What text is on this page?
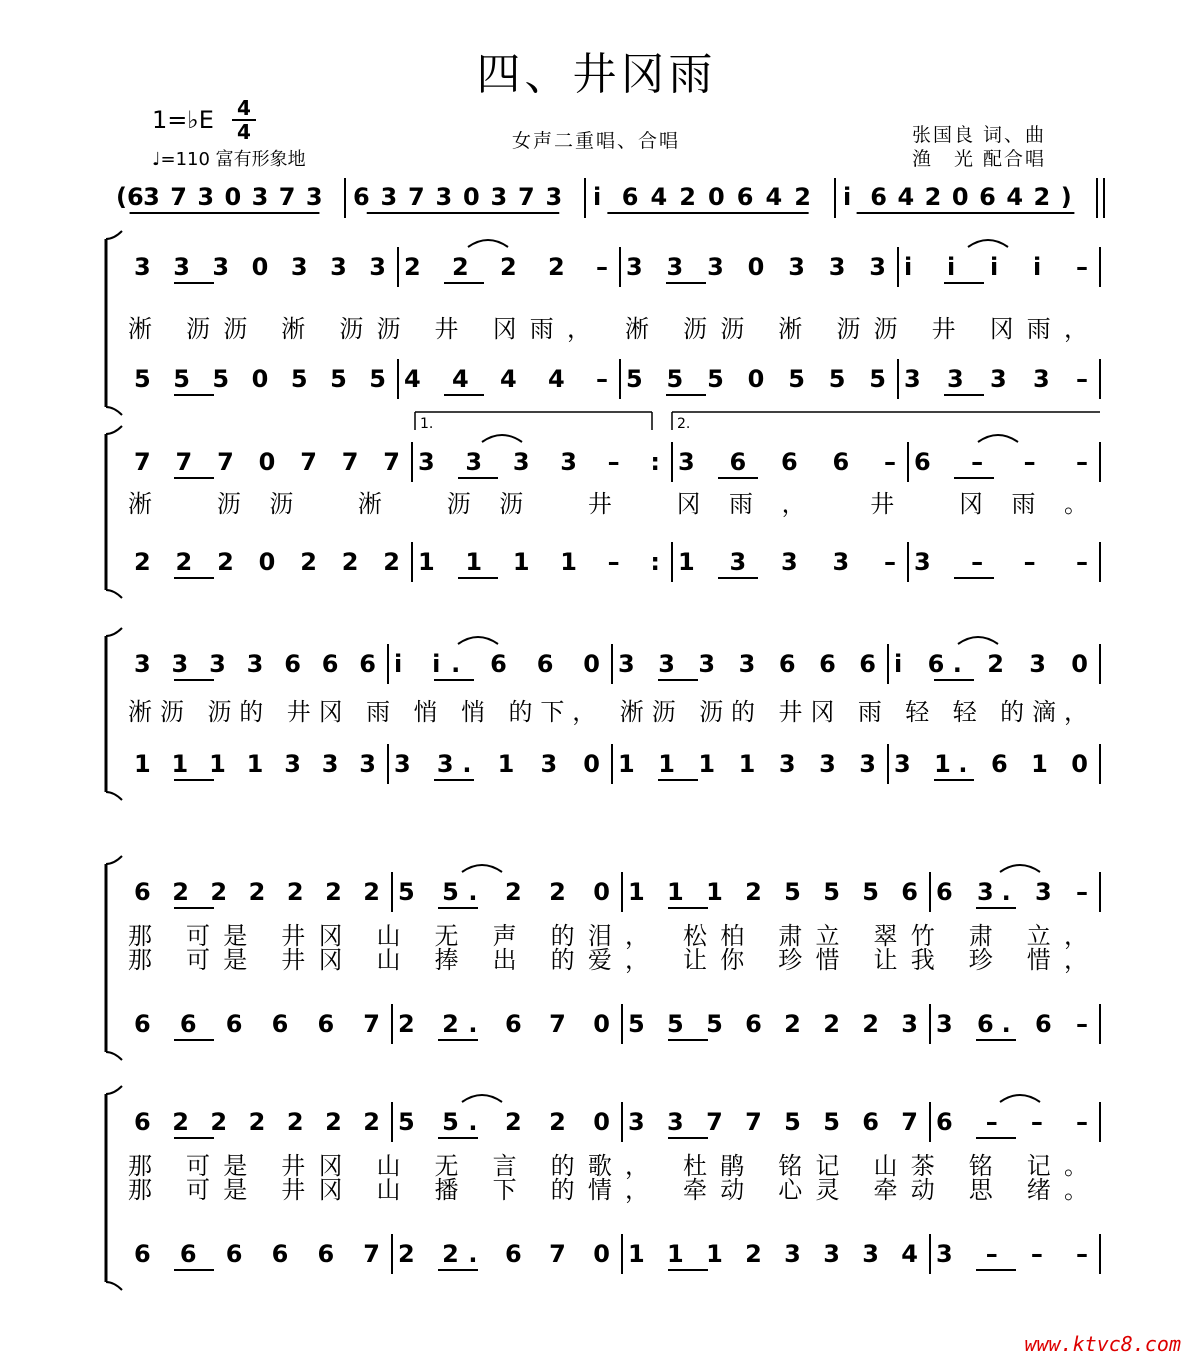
四、井冈雨
1=♭E 4
4
♩=110 富有形象地
女声二重唱、合唱	张国良 词、曲
渔　光 配合唱
(6 3 7 3 0 3 7 3 6 3 7 3 0 3 7 3 i 6 4 2 0 6 4 2 i 6 4 2 0 6 4 2 )
3 3 3 0 3 3 3 2 2 2 2 – 3 3 3 0 3 3 3 i i i i –
5 5 5 0 5 5 5 4 4 4 4 – 5 5 5 0 5 5 5 3 3 3 3 –
淅 沥沥 淅 沥沥 井 冈雨， 淅 沥沥 淅 沥沥 井 冈雨，
1.	2.
7 7 7 0 7 7 7 3 3 3 3 – : 3 6 6 6 – 6 – – –
2 2 2 0 2 2 2 1 1 1 1 – : 1 3 3 3 – 3 – – –
淅 沥沥 淅 沥沥 井 冈雨， 井 冈雨。
3 3 3 3 6 6 6 i i. 6 6 0 3 3 3 3 6 6 6 i 6. 2 3 0
1 1 1 1 3 3 3 3 3. 1 3 0 1 1 1 1 3 3 3 3 1. 6 1 0
淅沥 沥的 井冈 雨 悄 悄 的下， 淅沥 沥的 井冈 雨 轻 轻 的滴，
6 2 2 2 2 2 2 5 5. 2 2 0 1 1 1 2 5 5 5 6 6 3. 3 –
6 6 6 6 6 7 2 2. 6 7 0 5 5 5 6 2 2 2 3 3 6. 6 –
那 可是 井冈 山 无 声 的泪， 松柏 肃立 翠竹 肃 立，
那 可是 井冈 山 捧 出 的爱， 让你 珍惜 让我 珍 惜，
6 2 2 2 2 2 2 5 5. 2 2 0 3 3 7 7 5 5 6 7 6 – – –
6 6 6 6 6 7 2 2. 6 7 0 1 1 1 2 3 3 3 4 3 – – –
那 可是 井冈 山 无 言 的歌， 杜鹃 铭记 山茶 铭 记。
那 可是 井冈 山 播 下 的情， 牵动 心灵 牵动 思 绪。
www.ktvc8.com
